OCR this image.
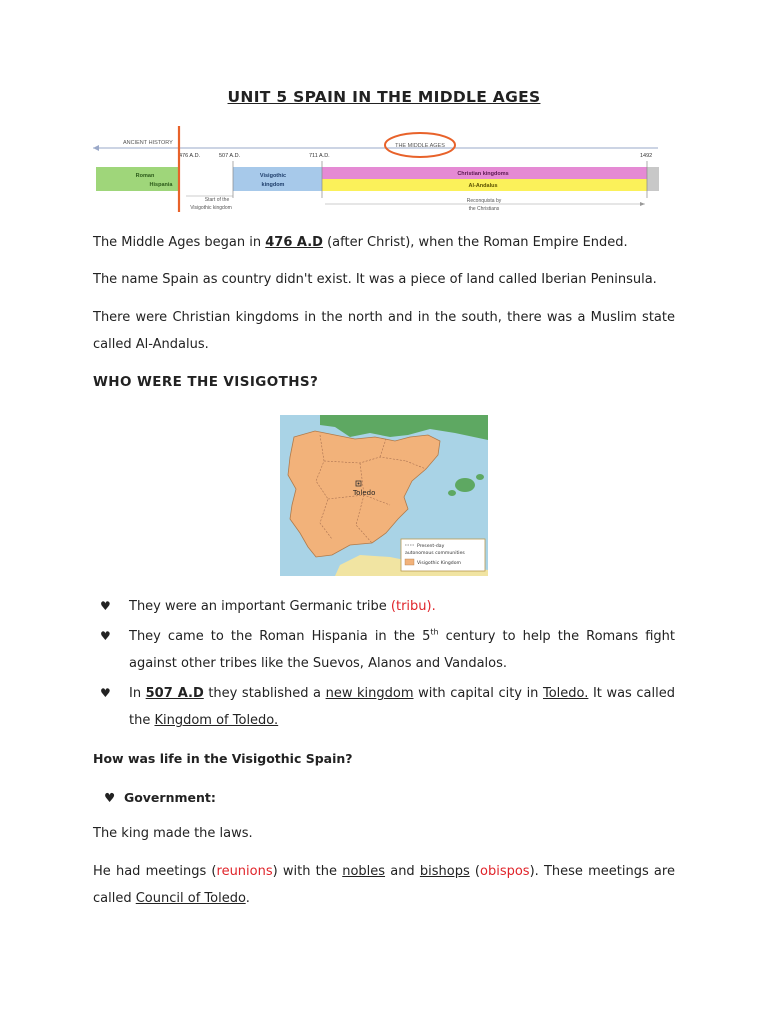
UNIT 5 SPAIN IN THE MIDDLE AGES
ANCIENT HISTORY	THE MIDDLE AGES
476 A.D.	507 A.D.	711 A.D.	1492
Roman
Hispania
Visigothic
kingdom
Christian kingdoms
Al-Andalus
Start of the
Visigothic kingdom
Reconquista by
the Christians
The Middle Ages began in 476 A.D (after Christ), when the Roman Empire Ended.
The name Spain as country didn't exist. It was a piece of land called Iberian Peninsula.
There were Christian kingdoms in the north and in the south, there was a Muslim state called Al-Andalus.
WHO WERE THE VISIGOTHS?
Toledo
Present-day
autonomous communities
Visigothic Kingdom
♥ They were an important Germanic tribe (tribu).
♥ They came to the Roman Hispania in the 5th century to help the Romans fight against other tribes like the Suevos, Alanos and Vandalos.
♥ In 507 A.D they stablished a new kingdom with capital city in Toledo. It was called the Kingdom of Toledo.
How was life in the Visigothic Spain?
♥ Government:
The king made the laws.
He had meetings (reunions) with the nobles and bishops (obispos). These meetings are called Council of Toledo.
